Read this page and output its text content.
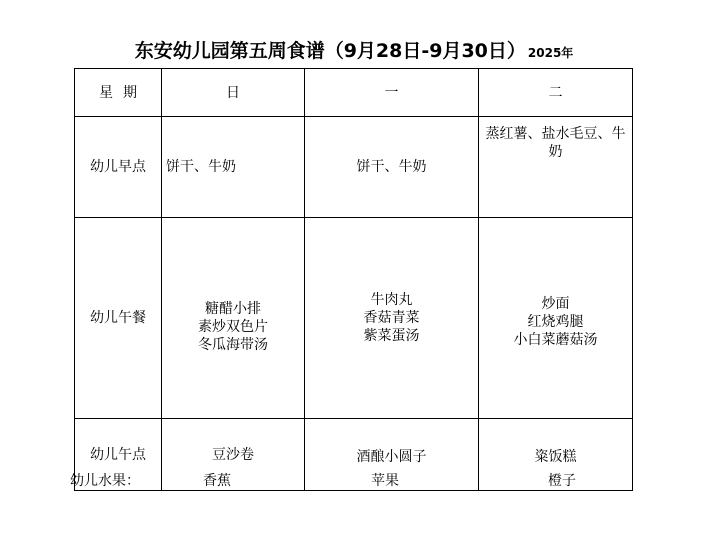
东安幼儿园第五周食谱（9月28日-9月30日） 2025年
星期	日	一	二
幼儿早点	饼干、牛奶	饼干、牛奶	蒸红薯、盐水毛豆、牛
奶

幼儿午餐	糖醋小排
素炒双色片
冬瓜海带汤	牛肉丸
香菇青菜
紫菜蛋汤	炒面
红烧鸡腿
小白菜蘑菇汤

幼儿午点	豆沙卷	酒酿小圆子	粢饭糕
幼儿水果：	香蕉	苹果	橙子
